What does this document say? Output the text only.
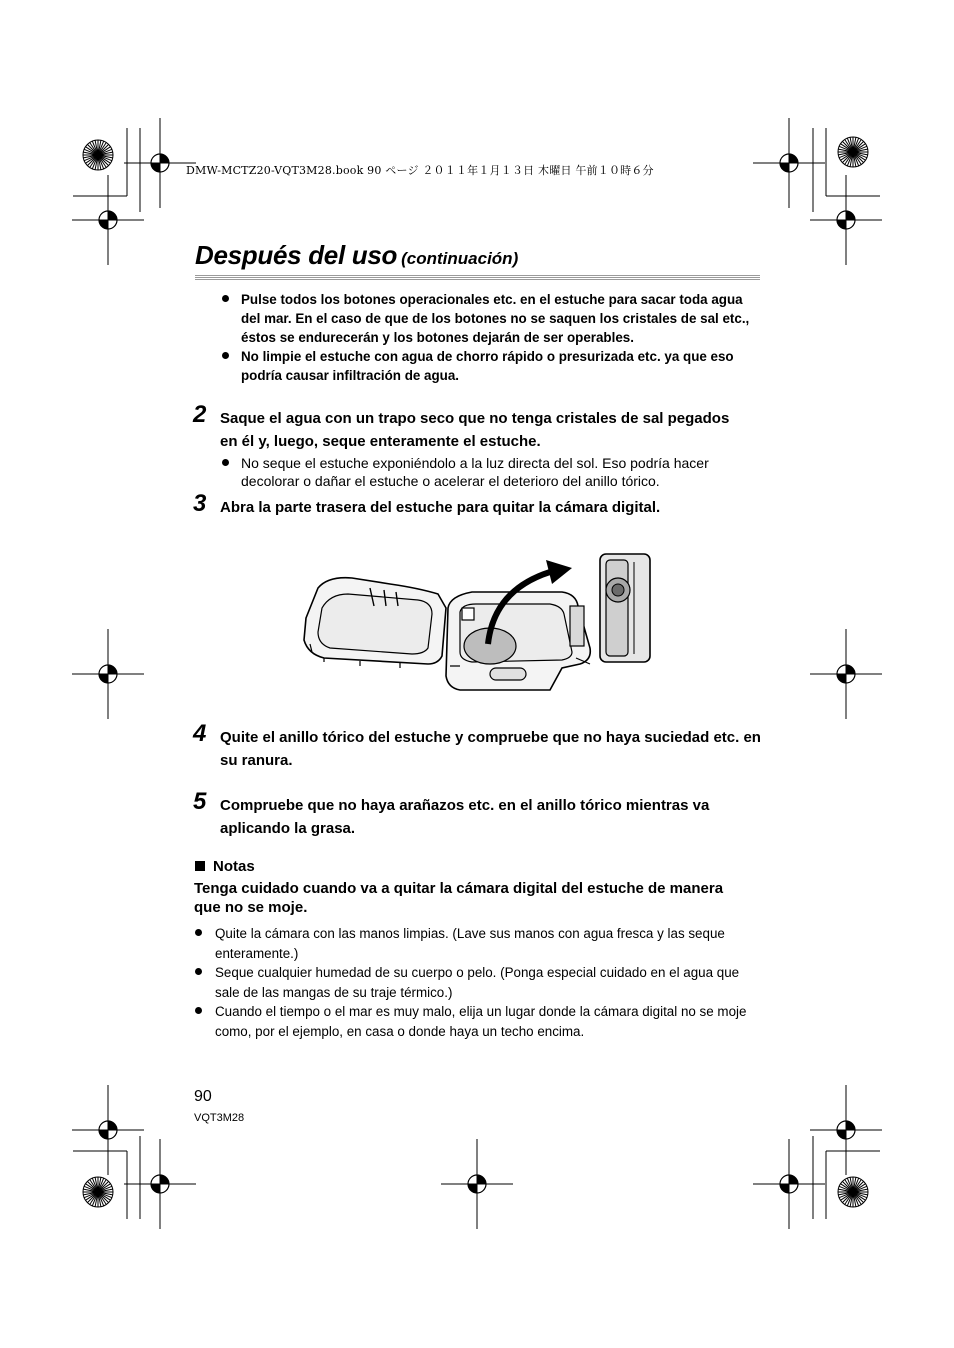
DMW-MCTZ20-VQT3M28.book 90 ページ ２０１１年１月１３日 木曜日 午前１０時６分
Después del uso (continuación)
Pulse todos los botones operacionales etc. en el estuche para sacar toda agua del mar. En el caso de que de los botones no se saquen los cristales de sal etc., éstos se endurecerán y los botones dejarán de ser operables.
No limpie el estuche con agua de chorro rápido o presurizada etc. ya que eso podría causar infiltración de agua.
2 Saque el agua con un trapo seco que no tenga cristales de sal pegados en él y, luego, seque enteramente el estuche.
No seque el estuche exponiéndolo a la luz directa del sol. Eso podría hacer decolorar o dañar el estuche o acelerar el deterioro del anillo tórico.
3 Abra la parte trasera del estuche para quitar la cámara digital.
4 Quite el anillo tórico del estuche y compruebe que no haya suciedad etc. en su ranura.
5 Compruebe que no haya arañazos etc. en el anillo tórico mientras va aplicando la grasa.
Notas
Tenga cuidado cuando va a quitar la cámara digital del estuche de manera que no se moje.
Quite la cámara con las manos limpias. (Lave sus manos con agua fresca y las seque enteramente.)
Seque cualquier humedad de su cuerpo o pelo. (Ponga especial cuidado en el agua que sale de las mangas de su traje térmico.)
Cuando el tiempo o el mar es muy malo, elija un lugar donde la cámara digital no se moje como, por el ejemplo, en casa o donde haya un techo encima.
90
VQT3M28
